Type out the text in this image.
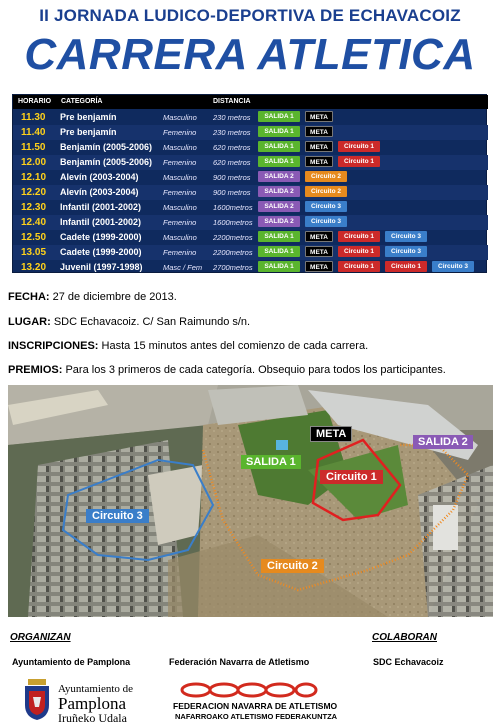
II JORNADA LUDICO-DEPORTIVA DE ECHAVACOIZ
CARRERA ATLETICA
HORARIO CATEGORÍA	DISTANCIA
11.30 Pre benjamín	Masculino 230 metros	SALIDA 1	META
11.40 Pre benjamín	Femenino 230 metros	SALIDA 1	META
11.50 Benjamín (2005-2006) Masculino 620 metros	SALIDA 1	META	Circuito 1
12.00 Benjamín (2005-2006) Femenino 620 metros	SALIDA 1	META	Circuito 1
12.10 Alevín (2003-2004)	Masculino 900 metros	SALIDA 2	Circuito 2
12.20 Alevín (2003-2004)	Femenino 900 metros	SALIDA 2	Circuito 2
12.30 Infantil (2001-2002)	Masculino 1600metros	SALIDA 2	Circuito 3
12.40 Infantil (2001-2002)	Femenino 1600metros	SALIDA 2	Circuito 3
12.50 Cadete (1999-2000)	Masculino 2200metros	SALIDA 1	META	Circuito 1	Circuito 3
13.05 Cadete (1999-2000)	Femenino 2200metros	SALIDA 1	META	Circuito 1	Circuito 3
13.20 Juvenil (1997-1998)	Masc / Fem 2700metros	SALIDA 1	META	Circuito 1	Circuito 1	Circuito 3
FECHA: 27 de diciembre de 2013.
LUGAR: SDC Echavacoiz. C/ San Raimundo s/n.
INSCRIPCIONES: Hasta 15 minutos antes del comienzo de cada carrera.
PREMIOS: Para los 3 primeros de cada categoría. Obsequio para todos los participantes.
META
SALIDA 1
SALIDA 2
Circuito 1
Circuito 2
Circuito 3
ORGANIZAN	COLABORAN
Ayuntamiento de Pamplona	Federación Navarra de Atletismo	SDC Echavacoiz
Ayuntamiento de
Pamplona
Iruñeko Udala
FEDERACION NAVARRA DE ATLETISMO
NAFARROAKO ATLETISMO FEDERAKUNTZA
